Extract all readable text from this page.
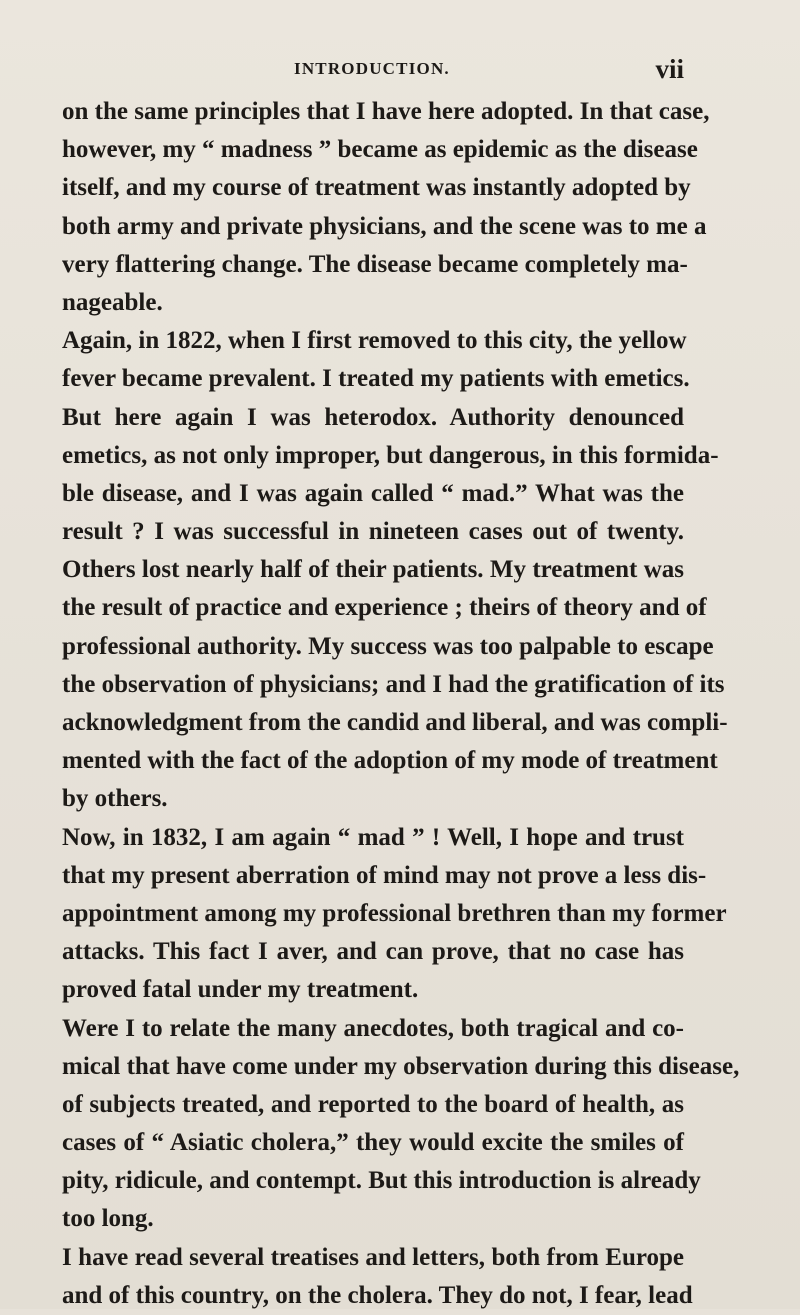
INTRODUCTION.	vii
on the same principles that I have here adopted. In that case,
however, my “ madness ” became as epidemic as the disease
itself, and my course of treatment was instantly adopted by
both army and private physicians, and the scene was to me a
very flattering change. The disease became completely ma-
nageable.
Again, in 1822, when I first removed to this city, the yellow
fever became prevalent. I treated my patients with emetics.
But here again I was heterodox. Authority denounced
emetics, as not only improper, but dangerous, in this formida-
ble disease, and I was again called “ mad.” What was the
result ? I was successful in nineteen cases out of twenty.
Others lost nearly half of their patients. My treatment was
the result of practice and experience ; theirs of theory and of
professional authority. My success was too palpable to escape
the observation of physicians; and I had the gratification of its
acknowledgment from the candid and liberal, and was compli-
mented with the fact of the adoption of my mode of treatment
by others.
Now, in 1832, I am again “ mad ” ! Well, I hope and trust
that my present aberration of mind may not prove a less dis-
appointment among my professional brethren than my former
attacks. This fact I aver, and can prove, that no case has
proved fatal under my treatment.
Were I to relate the many anecdotes, both tragical and co-
mical that have come under my observation during this disease,
of subjects treated, and reported to the board of health, as
cases of “ Asiatic cholera,” they would excite the smiles of
pity, ridicule, and contempt. But this introduction is already
too long.
I have read several treatises and letters, both from Europe
and of this country, on the cholera. They do not, I fear, lead
